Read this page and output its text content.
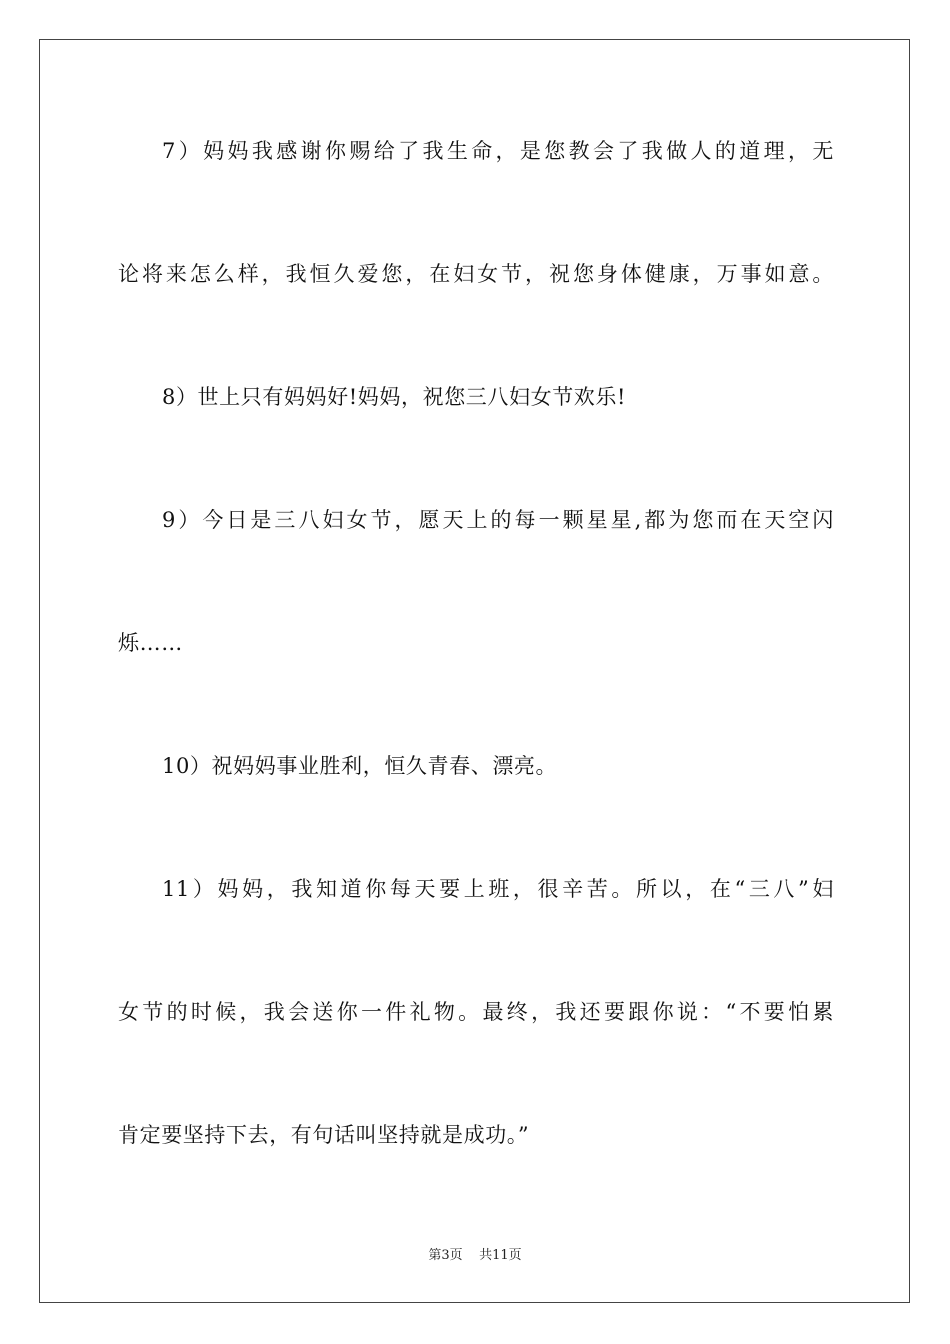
7）妈妈我感谢你赐给了我生命，是您教会了我做人的道理，无
论将来怎么样，我恒久爱您，在妇女节，祝您身体健康，万事如意。
8）世上只有妈妈好!妈妈，祝您三八妇女节欢乐!
9）今日是三八妇女节，愿天上的每一颗星星,都为您而在天空闪
烁……
10）祝妈妈事业胜利，恒久青春、漂亮。
11）妈妈，我知道你每天要上班，很辛苦。所以，在“三八”妇
女节的时候，我会送你一件礼物。最终，我还要跟你说：“不要怕累
肯定要坚持下去，有句话叫坚持就是成功。”
第3页 共11页
